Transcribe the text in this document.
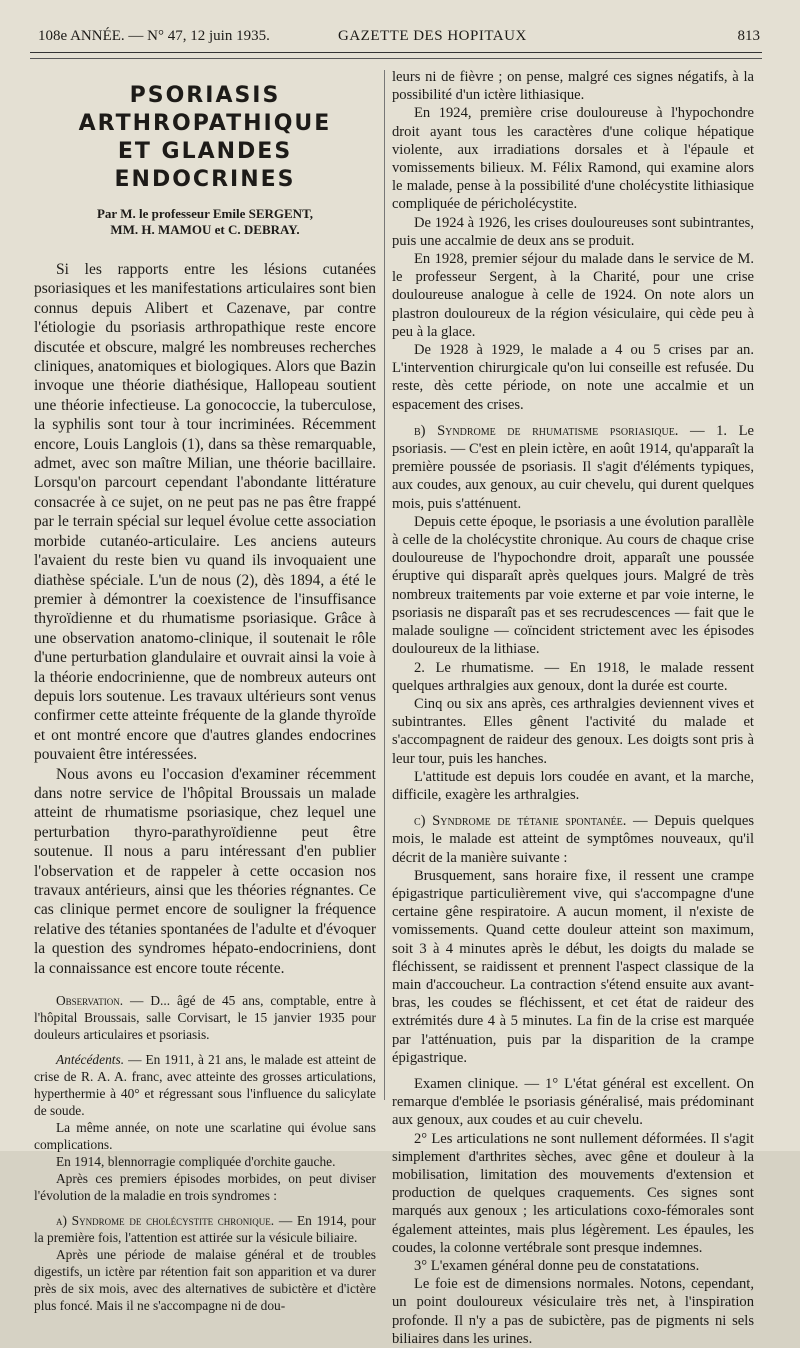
108e ANNÉE. — N° 47, 12 juin 1935.	GAZETTE DES HOPITAUX	813
PSORIASIS ARTHROPATHIQUE
ET GLANDES ENDOCRINES
Par M. le professeur Emile SERGENT,
MM. H. MAMOU et C. DEBRAY.

Si les rapports entre les lésions cutanées psoriasiques et les manifestations articulaires sont bien connus depuis Alibert et Cazenave, par contre l'étiologie du psoriasis arthropathique reste encore discutée et obscure, malgré les nombreuses recherches cliniques, anatomiques et biologiques. Alors que Bazin invoque une théorie diathésique, Hallopeau soutient une théorie infectieuse. La gonococcie, la tuberculose, la syphilis sont tour à tour incriminées. Récemment encore, Louis Langlois (1), dans sa thèse remarquable, admet, avec son maître Milian, une théorie bacillaire. Lorsqu'on parcourt cependant l'abondante littérature consacrée à ce sujet, on ne peut pas ne pas être frappé par le terrain spécial sur lequel évolue cette association morbide cutanéo-articulaire. Les anciens auteurs l'avaient du reste bien vu quand ils invoquaient une diathèse spéciale. L'un de nous (2), dès 1894, a été le premier à démontrer la coexistence de l'insuffisance thyroïdienne et du rhumatisme psoriasique. Grâce à une observation anatomo-clinique, il soutenait le rôle d'une perturbation glandulaire et ouvrait ainsi la voie à la théorie endocrinienne, que de nombreux auteurs ont depuis lors soutenue. Les travaux ultérieurs sont venus confirmer cette atteinte fréquente de la glande thyroïde et ont montré encore que d'autres glandes endocrines pouvaient être intéressées.

Nous avons eu l'occasion d'examiner récemment dans notre service de l'hôpital Broussais un malade atteint de rhumatisme psoriasique, chez lequel une perturbation thyro-parathyroïdienne peut être soutenue. Il nous a paru intéressant d'en publier l'observation et de rappeler à cette occasion nos travaux antérieurs, ainsi que les théories régnantes. Ce cas clinique permet encore de souligner la fréquence relative des tétanies spontanées de l'adulte et d'évoquer la question des syndromes hépato-endocriniens, dont la connaissance est encore toute récente.

Observation. — D... âgé de 45 ans, comptable, entre à l'hôpital Broussais, salle Corvisart, le 15 janvier 1935 pour douleurs articulaires et psoriasis.

Antécédents. — En 1911, à 21 ans, le malade est atteint de crise de R. A. A. franc, avec atteinte des grosses articulations, hyperthermie à 40° et régressant sous l'influence du salicylate de soude.

La même année, on note une scarlatine qui évolue sans complications.

En 1914, blennorragie compliquée d'orchite gauche.

Après ces premiers épisodes morbides, on peut diviser l'évolution de la maladie en trois syndromes :

a) Syndrome de cholécystite chronique. — En 1914, pour la première fois, l'attention est attirée sur la vésicule biliaire.

Après une période de malaise général et de troubles digestifs, un ictère par rétention fait son apparition et va durer près de six mois, avec des alternatives de subictère et d'ictère plus foncé. Mais il ne s'accompagne ni de dou-

leurs ni de fièvre ; on pense, malgré ces signes négatifs, à la possibilité d'un ictère lithiasique.

En 1924, première crise douloureuse à l'hypochondre droit ayant tous les caractères d'une colique hépatique violente, aux irradiations dorsales et à l'épaule et vomissements bilieux. M. Félix Ramond, qui examine alors le malade, pense à la possibilité d'une cholécystite lithiasique compliquée de péricholécystite.

De 1924 à 1926, les crises douloureuses sont subintrantes, puis une accalmie de deux ans se produit.

En 1928, premier séjour du malade dans le service de M. le professeur Sergent, à la Charité, pour une crise douloureuse analogue à celle de 1924. On note alors un plastron douloureux de la région vésiculaire, qui cède peu à peu à la glace.

De 1928 à 1929, le malade a 4 ou 5 crises par an. L'intervention chirurgicale qu'on lui conseille est refusée. Du reste, dès cette période, on note une accalmie et un espacement des crises.

b) Syndrome de rhumatisme psoriasique. — 1. Le psoriasis. — C'est en plein ictère, en août 1914, qu'apparaît la première poussée de psoriasis. Il s'agit d'éléments typiques, aux coudes, aux genoux, au cuir chevelu, qui durent quelques mois, puis s'atténuent.

Depuis cette époque, le psoriasis a une évolution parallèle à celle de la cholécystite chronique. Au cours de chaque crise douloureuse de l'hypochondre droit, apparaît une poussée éruptive qui disparaît après quelques jours. Malgré de très nombreux traitements par voie externe et par voie interne, le psoriasis ne disparaît pas et ses recrudescences — fait que le malade souligne — coïncident strictement avec les épisodes douloureux de la lithiase.

2. Le rhumatisme. — En 1918, le malade ressent quelques arthralgies aux genoux, dont la durée est courte.

Cinq ou six ans après, ces arthralgies deviennent vives et subintrantes. Elles gênent l'activité du malade et s'accompagnent de raideur des genoux. Les doigts sont pris à leur tour, puis les hanches.

L'attitude est depuis lors coudée en avant, et la marche, difficile, exagère les arthralgies.

c) Syndrome de tétanie spontanée. — Depuis quelques mois, le malade est atteint de symptômes nouveaux, qu'il décrit de la manière suivante :

Brusquement, sans horaire fixe, il ressent une crampe épigastrique particulièrement vive, qui s'accompagne d'une certaine gêne respiratoire. A aucun moment, il n'existe de vomissements. Quand cette douleur atteint son maximum, soit 3 à 4 minutes après le début, les doigts du malade se fléchissent, se raidissent et prennent l'aspect classique de la main d'accoucheur. La contraction s'étend ensuite aux avant-bras, les coudes se fléchissent, et cet état de raideur des extrémités dure 4 à 5 minutes. La fin de la crise est marquée par l'atténuation, puis par la disparition de la crampe épigastrique.

Examen clinique. — 1° L'état général est excellent. On remarque d'emblée le psoriasis généralisé, mais prédominant aux genoux, aux coudes et au cuir chevelu.

2° Les articulations ne sont nullement déformées. Il s'agit simplement d'arthrites sèches, avec gêne et douleur à la mobilisation, limitation des mouvements d'extension et production de quelques craquements. Ces signes sont marqués aux genoux ; les articulations coxo-fémorales sont également atteintes, mais plus légèrement. Les épaules, les coudes, la colonne vertébrale sont presque indemnes.

3° L'examen général donne peu de constatations.

Le foie est de dimensions normales. Notons, cependant, un point douloureux vésiculaire très net, à l'inspiration profonde. Il n'y a pas de subictère, pas de pigments ni sels biliaires dans les urines.
